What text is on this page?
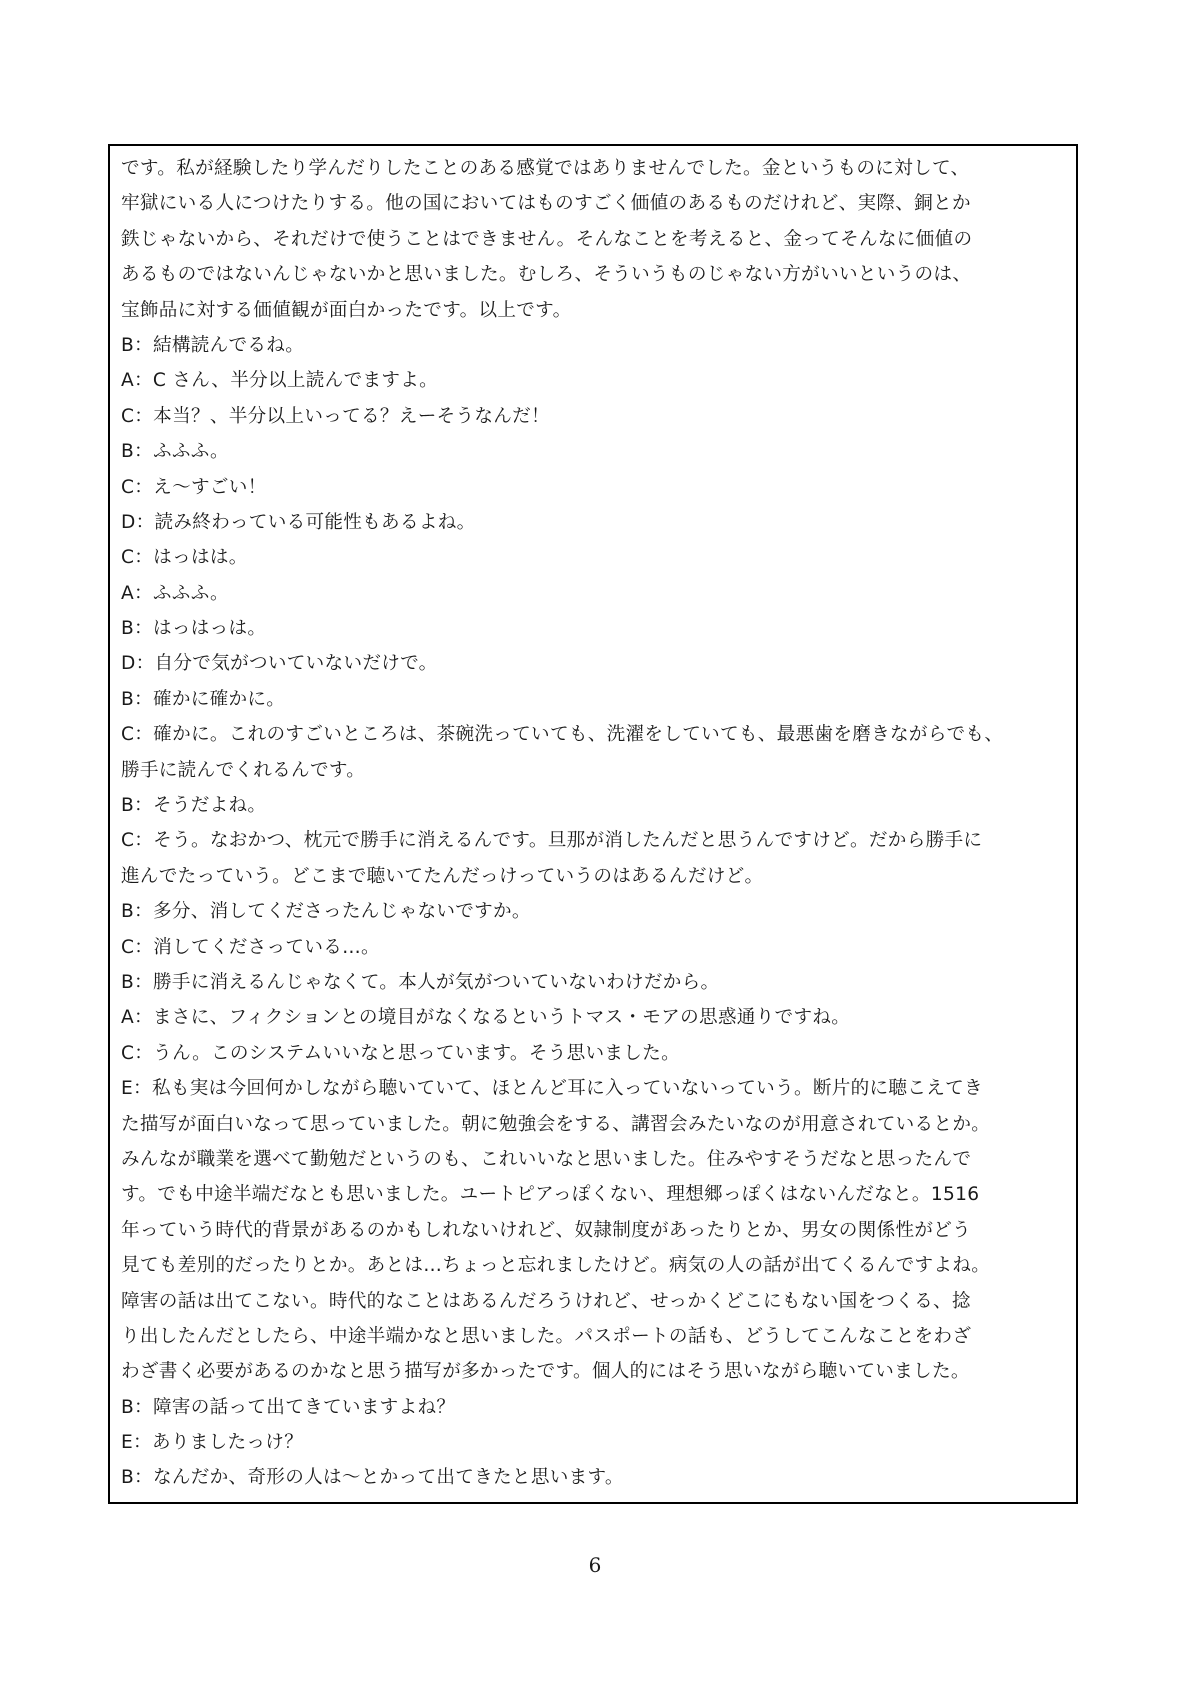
です。私が経験したり学んだりしたことのある感覚ではありませんでした。金というものに対して、
牢獄にいる人につけたりする。他の国においてはものすごく価値のあるものだけれど、実際、銅とか
鉄じゃないから、それだけで使うことはできません。そんなことを考えると、金ってそんなに価値の
あるものではないんじゃないかと思いました。むしろ、そういうものじゃない方がいいというのは、
宝飾品に対する価値観が面白かったです。以上です。
B：結構読んでるね。
A：C さん、半分以上読んでますよ。
C：本当？、半分以上いってる？えーそうなんだ！
B：ふふふ。
C：え～すごい！
D：読み終わっている可能性もあるよね。
C：はっはは。
A：ふふふ。
B：はっはっは。
D：自分で気がついていないだけで。
B：確かに確かに。
C：確かに。これのすごいところは、茶碗洗っていても、洗濯をしていても、最悪歯を磨きながらでも、
勝手に読んでくれるんです。
B：そうだよね。
C：そう。なおかつ、枕元で勝手に消えるんです。旦那が消したんだと思うんですけど。だから勝手に
進んでたっていう。どこまで聴いてたんだっけっていうのはあるんだけど。
B：多分、消してくださったんじゃないですか。
C：消してくださっている…。
B：勝手に消えるんじゃなくて。本人が気がついていないわけだから。
A：まさに、フィクションとの境目がなくなるというトマス・モアの思惑通りですね。
C：うん。このシステムいいなと思っています。そう思いました。
E：私も実は今回何かしながら聴いていて、ほとんど耳に入っていないっていう。断片的に聴こえてき
た描写が面白いなって思っていました。朝に勉強会をする、講習会みたいなのが用意されているとか。
みんなが職業を選べて勤勉だというのも、これいいなと思いました。住みやすそうだなと思ったんで
す。でも中途半端だなとも思いました。ユートピアっぽくない、理想郷っぽくはないんだなと。1516
年っていう時代的背景があるのかもしれないけれど、奴隷制度があったりとか、男女の関係性がどう
見ても差別的だったりとか。あとは…ちょっと忘れましたけど。病気の人の話が出てくるんですよね。
障害の話は出てこない。時代的なことはあるんだろうけれど、せっかくどこにもない国をつくる、捻
り出したんだとしたら、中途半端かなと思いました。パスポートの話も、どうしてこんなことをわざ
わざ書く必要があるのかなと思う描写が多かったです。個人的にはそう思いながら聴いていました。
B：障害の話って出てきていますよね？
E：ありましたっけ？
B：なんだか、奇形の人は～とかって出てきたと思います。
6
